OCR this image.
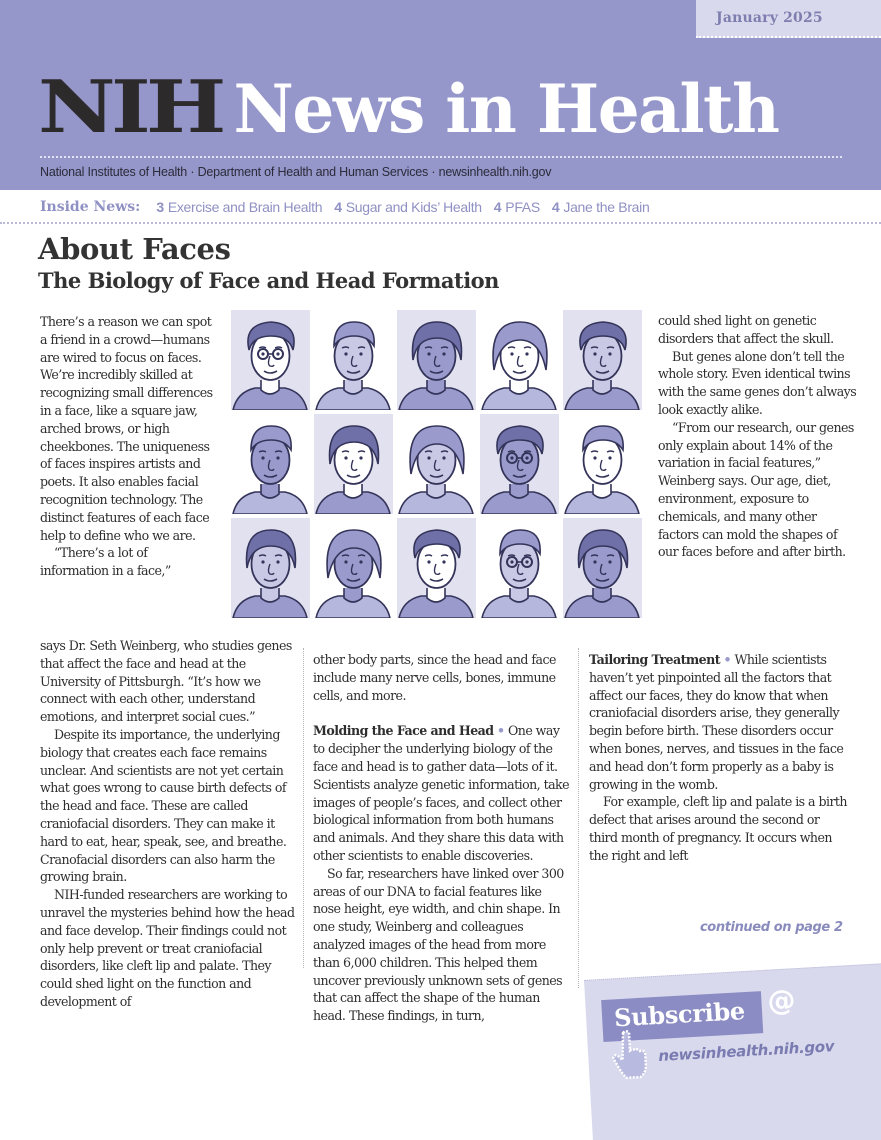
January 2025
NIH News in Health
National Institutes of Health · Department of Health and Human Services · newsinhealth.nih.gov
Inside News: 3 Exercise and Brain Health 4 Sugar and Kids’ Health 4 PFAS 4 Jane the Brain
About Faces
The Biology of Face and Head Formation

There’s a reason we can spot a friend in a crowd—humans are wired to focus on faces. We’re incredibly skilled at recognizing small differences in a face, like a square jaw, arched brows, or high cheekbones. The uniqueness of faces inspires artists and poets. It also enables facial recognition technology. The distinct features of each face help to define who we are.

“There’s a lot of information in a face,”

says Dr. Seth Weinberg, who studies genes that affect the face and head at the University of Pittsburgh. “It’s how we connect with each other, understand emotions, and interpret social cues.”

Despite its importance, the underlying biology that creates each face remains unclear. And scientists are not yet certain what goes wrong to cause birth defects of the head and face. These are called craniofacial disorders. They can make it hard to eat, hear, speak, see, and breathe. Cranofacial disorders can also harm the growing brain.

NIH-funded researchers are working to unravel the mysteries behind how the head and face develop. Their findings could not only help prevent or treat craniofacial disorders, like cleft lip and palate. They could shed light on the function and development of

other body parts, since the head and face include many nerve cells, bones, immune cells, and more.

Molding the Face and Head • One way to decipher the underlying biology of the face and head is to gather data—lots of it. Scientists analyze genetic information, take images of people’s faces, and collect other biological information from both humans and animals. And they share this data with other scientists to enable discoveries.

So far, researchers have linked over 300 areas of our DNA to facial features like nose height, eye width, and chin shape. In one study, Weinberg and colleagues analyzed images of the head from more than 6,000 children. This helped them uncover previously unknown sets of genes that can affect the shape of the human head. These findings, in turn,

could shed light on genetic disorders that affect the skull.

But genes alone don’t tell the whole story. Even identical twins with the same genes don’t always look exactly alike.

“From our research, our genes only explain about 14% of the variation in facial features,” Weinberg says. Our age, diet, environment, exposure to chemicals, and many other factors can mold the shapes of our faces before and after birth.

Tailoring Treatment • While scientists haven’t yet pinpointed all the factors that affect our faces, they do know that when craniofacial disorders arise, they generally begin before birth. These disorders occur when bones, nerves, and tissues in the face and head don’t form properly as a baby is growing in the womb.

For example, cleft lip and palate is a birth defect that arises around the second or third month of pregnancy. It occurs when the right and left

continued on page 2
Subscribe @
newsinhealth.nih.gov
